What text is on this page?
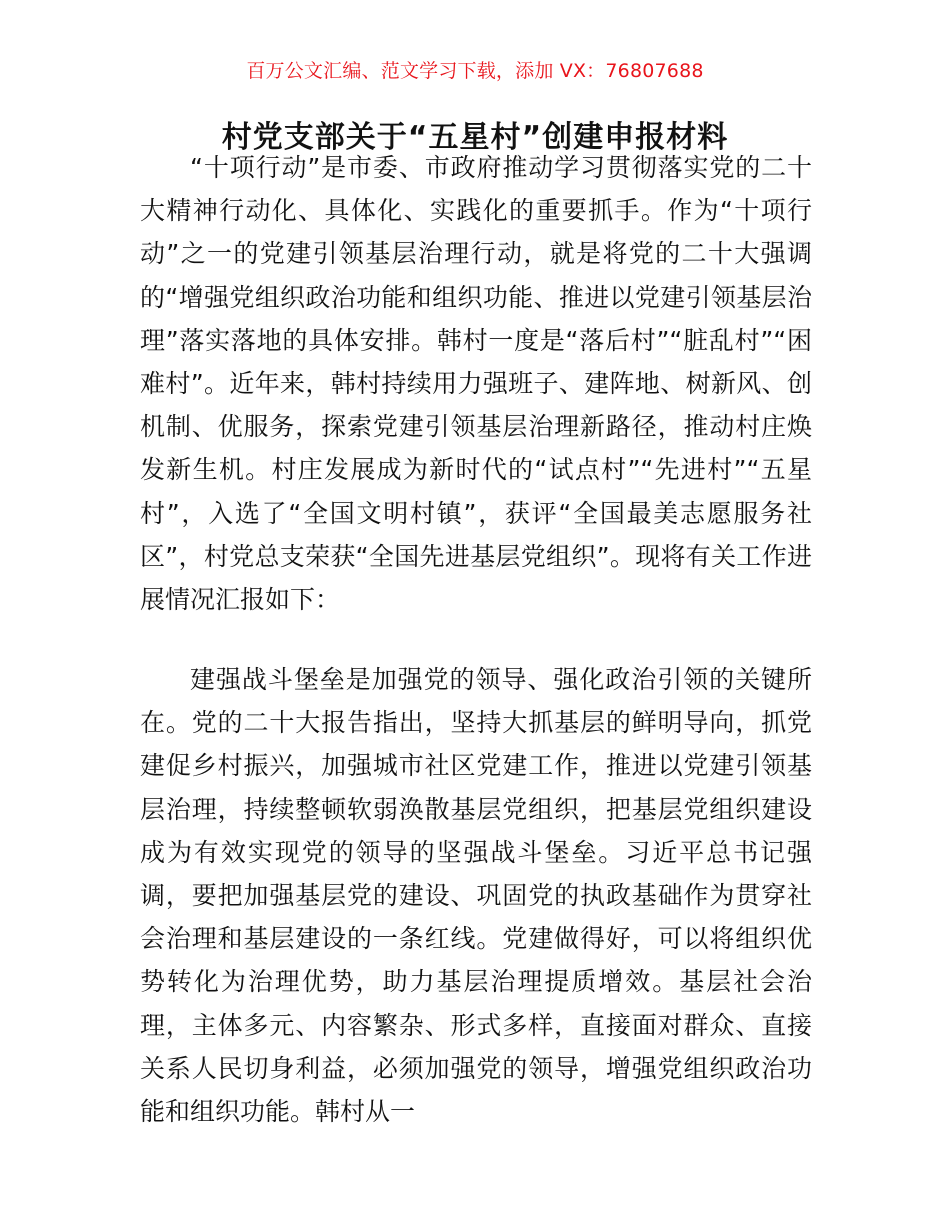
百万公文汇编、范文学习下载，添加 VX：76807688
村党支部关于“五星村”创建申报材料

“十项行动”是市委、市政府推动学习贯彻落实党的二十大精神行动化、具体化、实践化的重要抓手。作为“十项行动”之一的党建引领基层治理行动，就是将党的二十大强调的“增强党组织政治功能和组织功能、推进以党建引领基层治理”落实落地的具体安排。韩村一度是“落后村”“脏乱村”“困难村”。近年来，韩村持续用力强班子、建阵地、树新风、创机制、优服务，探索党建引领基层治理新路径，推动村庄焕发新生机。村庄发展成为新时代的“试点村”“先进村”“五星村”，入选了“全国文明村镇”，获评“全国最美志愿服务社区”，村党总支荣获“全国先进基层党组织”。现将有关工作进展情况汇报如下：

建强战斗堡垒是加强党的领导、强化政治引领的关键所在。党的二十大报告指出，坚持大抓基层的鲜明导向，抓党建促乡村振兴，加强城市社区党建工作，推进以党建引领基层治理，持续整顿软弱涣散基层党组织，把基层党组织建设成为有效实现党的领导的坚强战斗堡垒。习近平总书记强调，要把加强基层党的建设、巩固党的执政基础作为贯穿社会治理和基层建设的一条红线。党建做得好，可以将组织优势转化为治理优势，助力基层治理提质增效。基层社会治理，主体多元、内容繁杂、形式多样，直接面对群众、直接关系人民切身利益，必须加强党的领导，增强党组织政治功能和组织功能。韩村从一
